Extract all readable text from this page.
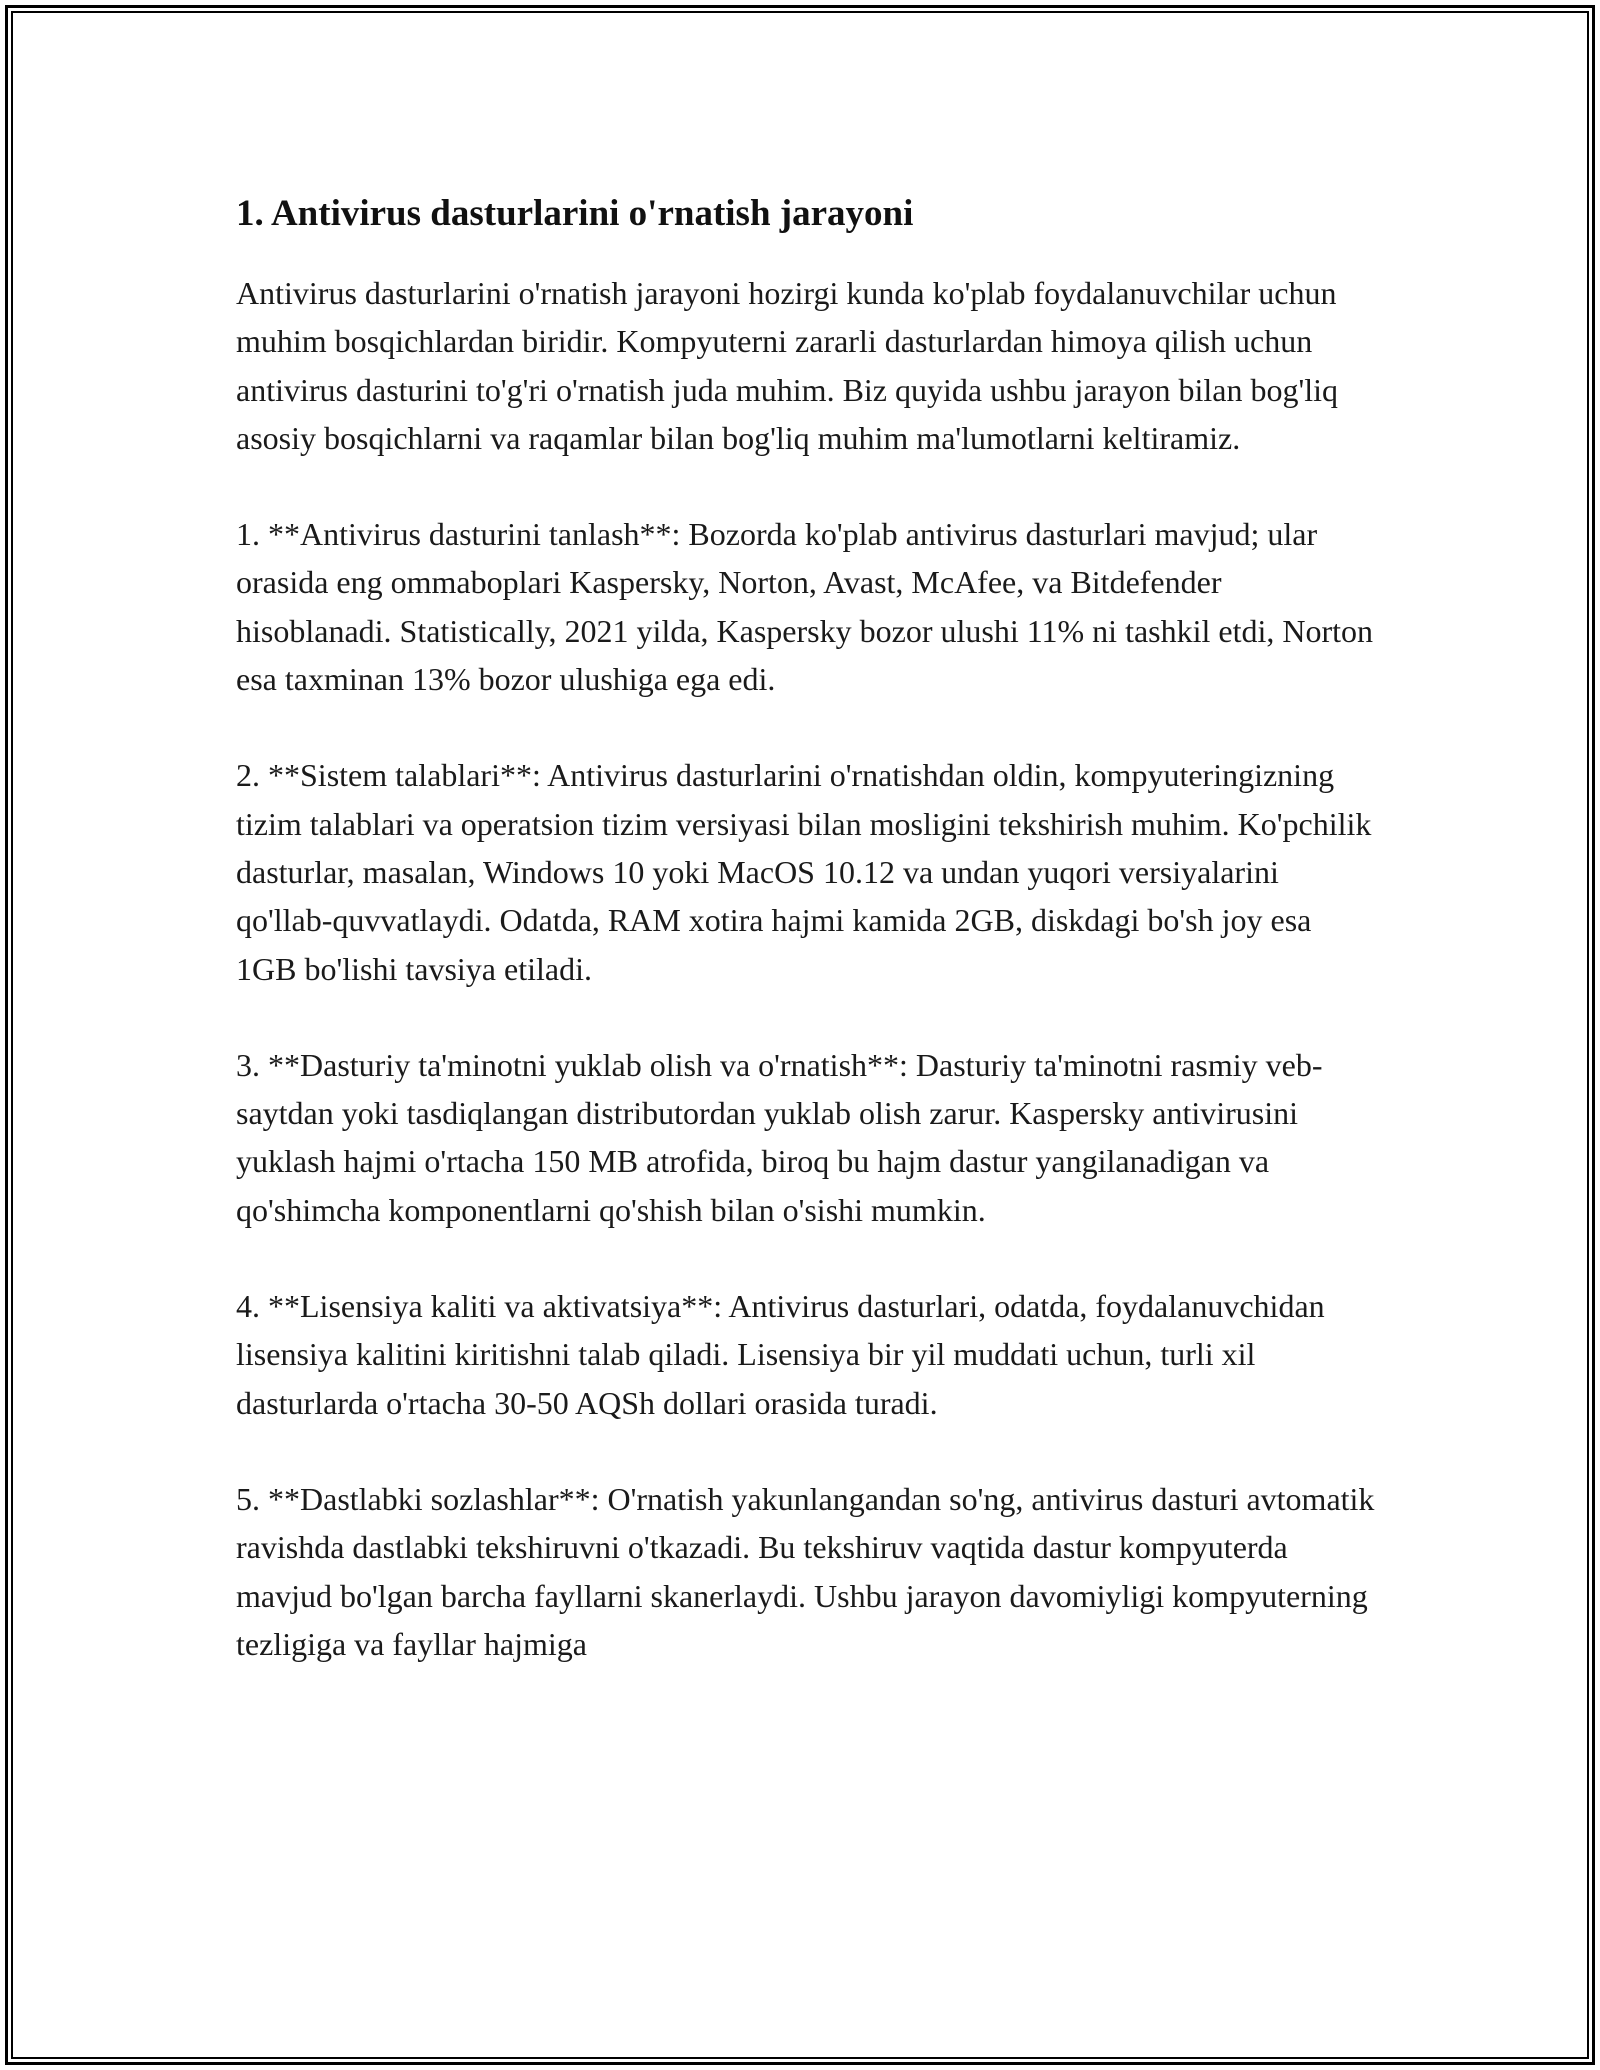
1. Antivirus dasturlarini o'rnatish jarayoni

Antivirus dasturlarini o'rnatish jarayoni hozirgi kunda ko'plab foydalanuvchilar uchun muhim bosqichlardan biridir. Kompyuterni zararli dasturlardan himoya qilish uchun antivirus dasturini to'g'ri o'rnatish juda muhim. Biz quyida ushbu jarayon bilan bog'liq asosiy bosqichlarni va raqamlar bilan bog'liq muhim ma'lumotlarni keltiramiz.

1. **Antivirus dasturini tanlash**: Bozorda ko'plab antivirus dasturlari mavjud; ular orasida eng ommaboplari Kaspersky, Norton, Avast, McAfee, va Bitdefender hisoblanadi. Statistically, 2021 yilda, Kaspersky bozor ulushi 11% ni tashkil etdi, Norton esa taxminan 13% bozor ulushiga ega edi.

2. **Sistem talablari**: Antivirus dasturlarini o'rnatishdan oldin, kompyuteringizning tizim talablari va operatsion tizim versiyasi bilan mosligini tekshirish muhim. Ko'pchilik dasturlar, masalan, Windows 10 yoki MacOS 10.12 va undan yuqori versiyalarini qo'llab-quvvatlaydi. Odatda, RAM xotira hajmi kamida 2GB, diskdagi bo'sh joy esa 1GB bo'lishi tavsiya etiladi.

3. **Dasturiy ta'minotni yuklab olish va o'rnatish**: Dasturiy ta'minotni rasmiy veb-saytdan yoki tasdiqlangan distributordan yuklab olish zarur. Kaspersky antivirusini yuklash hajmi o'rtacha 150 MB atrofida, biroq bu hajm dastur yangilanadigan va qo'shimcha komponentlarni qo'shish bilan o'sishi mumkin.

4. **Lisensiya kaliti va aktivatsiya**: Antivirus dasturlari, odatda, foydalanuvchidan lisensiya kalitini kiritishni talab qiladi. Lisensiya bir yil muddati uchun, turli xil dasturlarda o'rtacha 30-50 AQSh dollari orasida turadi.

5. **Dastlabki sozlashlar**: O'rnatish yakunlangandan so'ng, antivirus dasturi avtomatik ravishda dastlabki tekshiruvni o'tkazadi. Bu tekshiruv vaqtida dastur kompyuterda mavjud bo'lgan barcha fayllarni skanerlaydi. Ushbu jarayon davomiyligi kompyuterning tezligiga va fayllar hajmiga
